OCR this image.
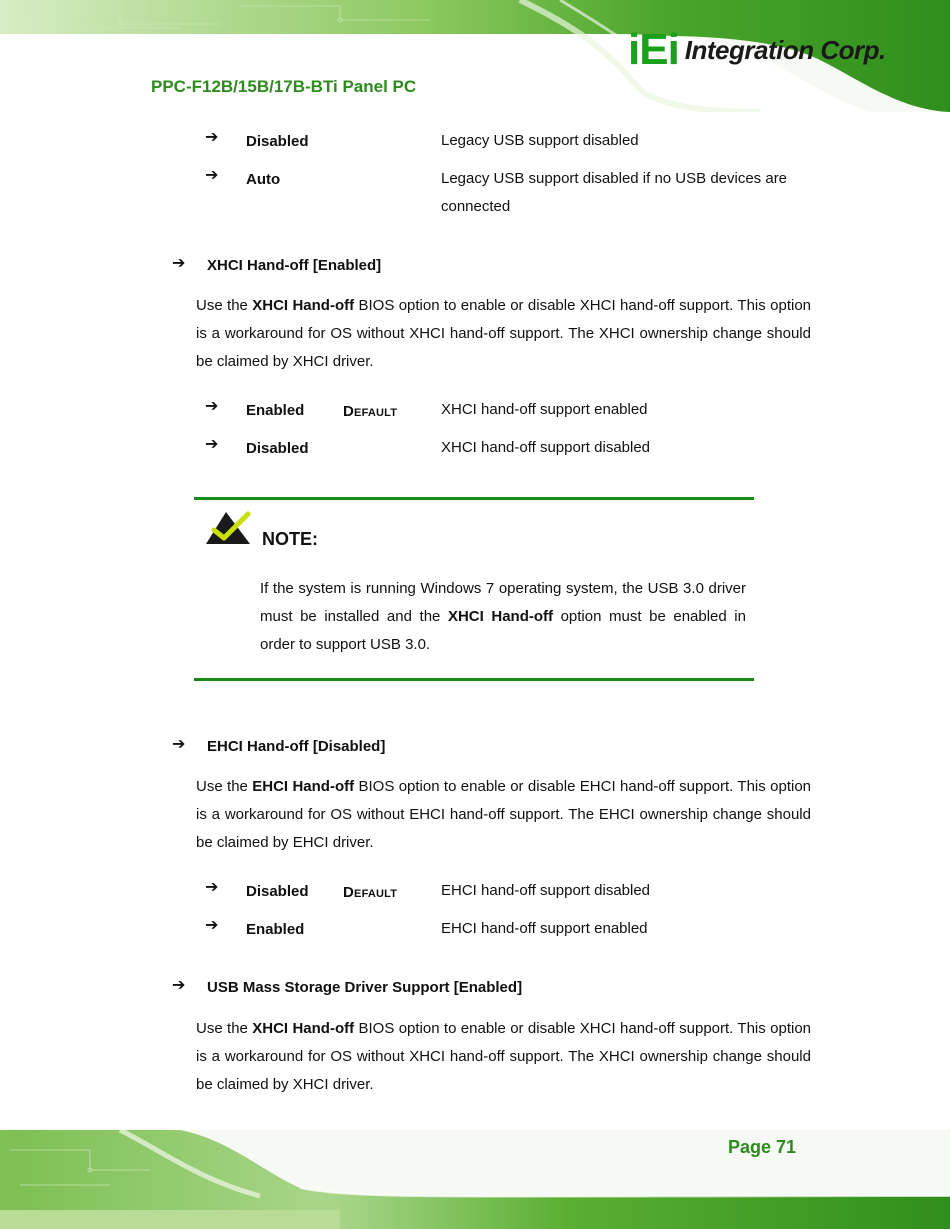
PPC-F12B/15B/17B-BTi Panel PC
iEi Integration Corp.
➔ Disabled	Legacy USB support disabled
➔ Auto	Legacy USB support disabled if no USB devices are connected
➔ XHCI Hand-off [Enabled]
Use the XHCI Hand-off BIOS option to enable or disable XHCI hand-off support. This option is a workaround for OS without XHCI hand-off support. The XHCI ownership change should be claimed by XHCI driver.
➔ Enabled	Default	XHCI hand-off support enabled
➔ Disabled	XHCI hand-off support disabled
NOTE:
If the system is running Windows 7 operating system, the USB 3.0 driver must be installed and the XHCI Hand-off option must be enabled in order to support USB 3.0.
➔ EHCI Hand-off [Disabled]
Use the EHCI Hand-off BIOS option to enable or disable EHCI hand-off support. This option is a workaround for OS without EHCI hand-off support. The EHCI ownership change should be claimed by EHCI driver.
➔ Disabled Default	EHCI hand-off support disabled
➔ Enabled	EHCI hand-off support enabled
➔ USB Mass Storage Driver Support [Enabled]
Use the XHCI Hand-off BIOS option to enable or disable XHCI hand-off support. This option is a workaround for OS without XHCI hand-off support. The XHCI ownership change should be claimed by XHCI driver.
Page 71
